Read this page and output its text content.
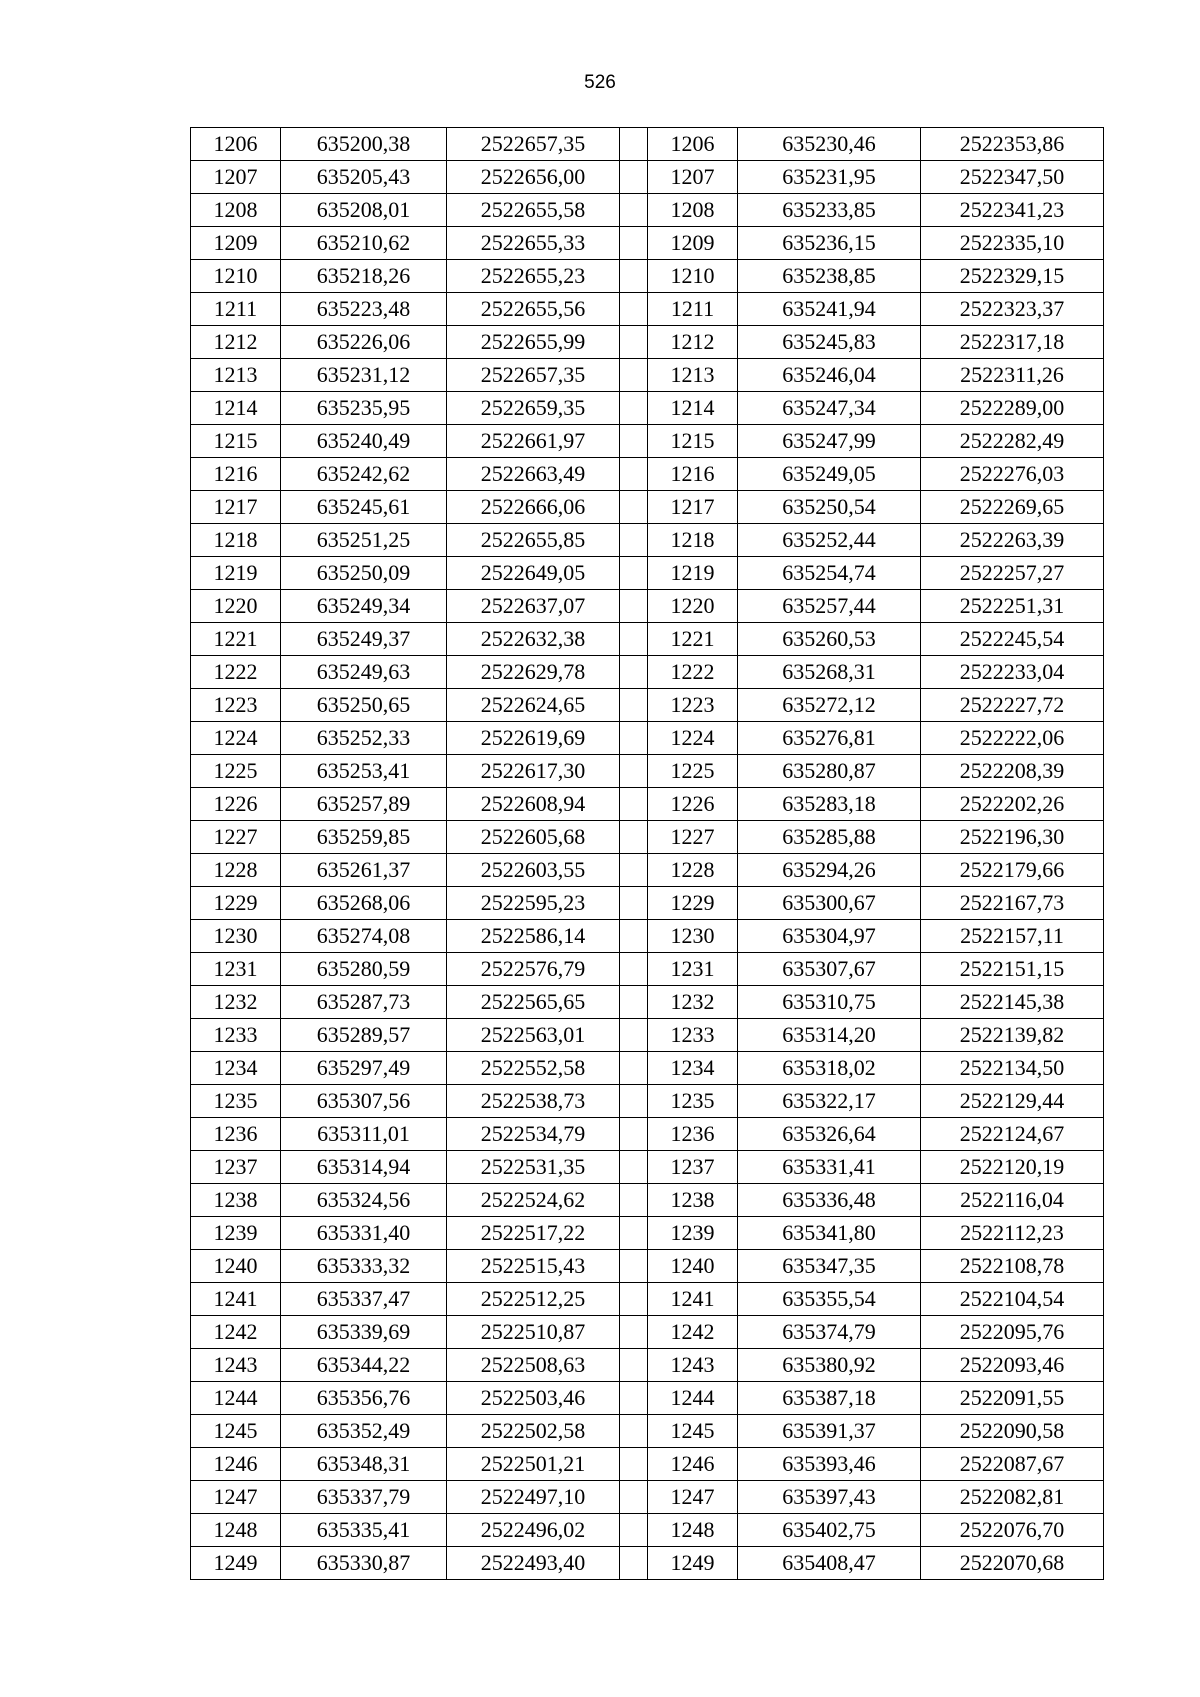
526
1206	635200,38	2522657,35		1206	635230,46	2522353,86
1207	635205,43	2522656,00		1207	635231,95	2522347,50
1208	635208,01	2522655,58		1208	635233,85	2522341,23
1209	635210,62	2522655,33		1209	635236,15	2522335,10
1210	635218,26	2522655,23		1210	635238,85	2522329,15
1211	635223,48	2522655,56		1211	635241,94	2522323,37
1212	635226,06	2522655,99		1212	635245,83	2522317,18
1213	635231,12	2522657,35		1213	635246,04	2522311,26
1214	635235,95	2522659,35		1214	635247,34	2522289,00
1215	635240,49	2522661,97		1215	635247,99	2522282,49
1216	635242,62	2522663,49		1216	635249,05	2522276,03
1217	635245,61	2522666,06		1217	635250,54	2522269,65
1218	635251,25	2522655,85		1218	635252,44	2522263,39
1219	635250,09	2522649,05		1219	635254,74	2522257,27
1220	635249,34	2522637,07		1220	635257,44	2522251,31
1221	635249,37	2522632,38		1221	635260,53	2522245,54
1222	635249,63	2522629,78		1222	635268,31	2522233,04
1223	635250,65	2522624,65		1223	635272,12	2522227,72
1224	635252,33	2522619,69		1224	635276,81	2522222,06
1225	635253,41	2522617,30		1225	635280,87	2522208,39
1226	635257,89	2522608,94		1226	635283,18	2522202,26
1227	635259,85	2522605,68		1227	635285,88	2522196,30
1228	635261,37	2522603,55		1228	635294,26	2522179,66
1229	635268,06	2522595,23		1229	635300,67	2522167,73
1230	635274,08	2522586,14		1230	635304,97	2522157,11
1231	635280,59	2522576,79		1231	635307,67	2522151,15
1232	635287,73	2522565,65		1232	635310,75	2522145,38
1233	635289,57	2522563,01		1233	635314,20	2522139,82
1234	635297,49	2522552,58		1234	635318,02	2522134,50
1235	635307,56	2522538,73		1235	635322,17	2522129,44
1236	635311,01	2522534,79		1236	635326,64	2522124,67
1237	635314,94	2522531,35		1237	635331,41	2522120,19
1238	635324,56	2522524,62		1238	635336,48	2522116,04
1239	635331,40	2522517,22		1239	635341,80	2522112,23
1240	635333,32	2522515,43		1240	635347,35	2522108,78
1241	635337,47	2522512,25		1241	635355,54	2522104,54
1242	635339,69	2522510,87		1242	635374,79	2522095,76
1243	635344,22	2522508,63		1243	635380,92	2522093,46
1244	635356,76	2522503,46		1244	635387,18	2522091,55
1245	635352,49	2522502,58		1245	635391,37	2522090,58
1246	635348,31	2522501,21		1246	635393,46	2522087,67
1247	635337,79	2522497,10		1247	635397,43	2522082,81
1248	635335,41	2522496,02		1248	635402,75	2522076,70
1249	635330,87	2522493,40		1249	635408,47	2522070,68
